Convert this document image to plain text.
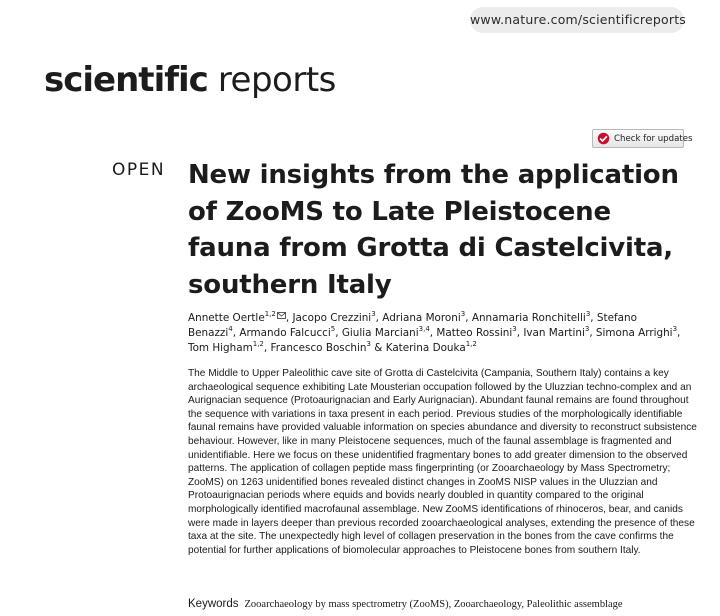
www.nature.com/scientificreports
scientific reports
Check for updates
OPEN New insights from the application of ZooMS to Late Pleistocene fauna from Grotta di Castelcivita, southern Italy
Annette Oertle$^{1,2}$ , Jacopo Crezzini$^3$, Adriana Moroni$^3$, Annamaria Ronchitelli$^3$, Stefano Benazzi$^4$, Armando Falcucci$^5$, Giulia Marciani$^{3,4}$, Matteo Rossini$^3$, Ivan Martini$^3$, Simona Arrighi$^3$, Tom Higham$^{1,2}$, Francesco Boschin$^3$ & Katerina Douka$^{1,2}$

The Middle to Upper Paleolithic cave site of Grotta di Castelcivita (Campania, Southern Italy) contains a key archaeological sequence exhibiting Late Mousterian occupation followed by the Uluzzian techno-complex and an Aurignacian sequence (Protoaurignacian and Early Aurignacian). Abundant faunal remains are found throughout the sequence with variations in taxa present in each period. Previous studies of the morphologically identifiable faunal remains have provided valuable information on species abundance and diversity to reconstruct subsistence behaviour. However, like in many Pleistocene sequences, much of the faunal assemblage is fragmented and unidentifiable. Here we focus on these unidentified fragmentary bones to add greater dimension to the observed patterns. The application of collagen peptide mass fingerprinting (or Zooarchaeology by Mass Spectrometry; ZooMS) on 1263 unidentified bones revealed distinct changes in ZooMS NISP values in the Uluzzian and Protoaurignacian periods where equids and bovids nearly doubled in quantity compared to the original morphologically identified macrofaunal assemblage. New ZooMS identifications of rhinoceros, bear, and canids were made in layers deeper than previous recorded zooarchaeological analyses, extending the presence of these taxa at the site. The unexpectedly high level of collagen preservation in the bones from the cave confirms the potential for further applications of biomolecular approaches to Pleistocene bones from southern Italy.

Keywords Zooarchaeology by mass spectrometry (ZooMS), Zooarchaeology, Paleolithic assemblage
